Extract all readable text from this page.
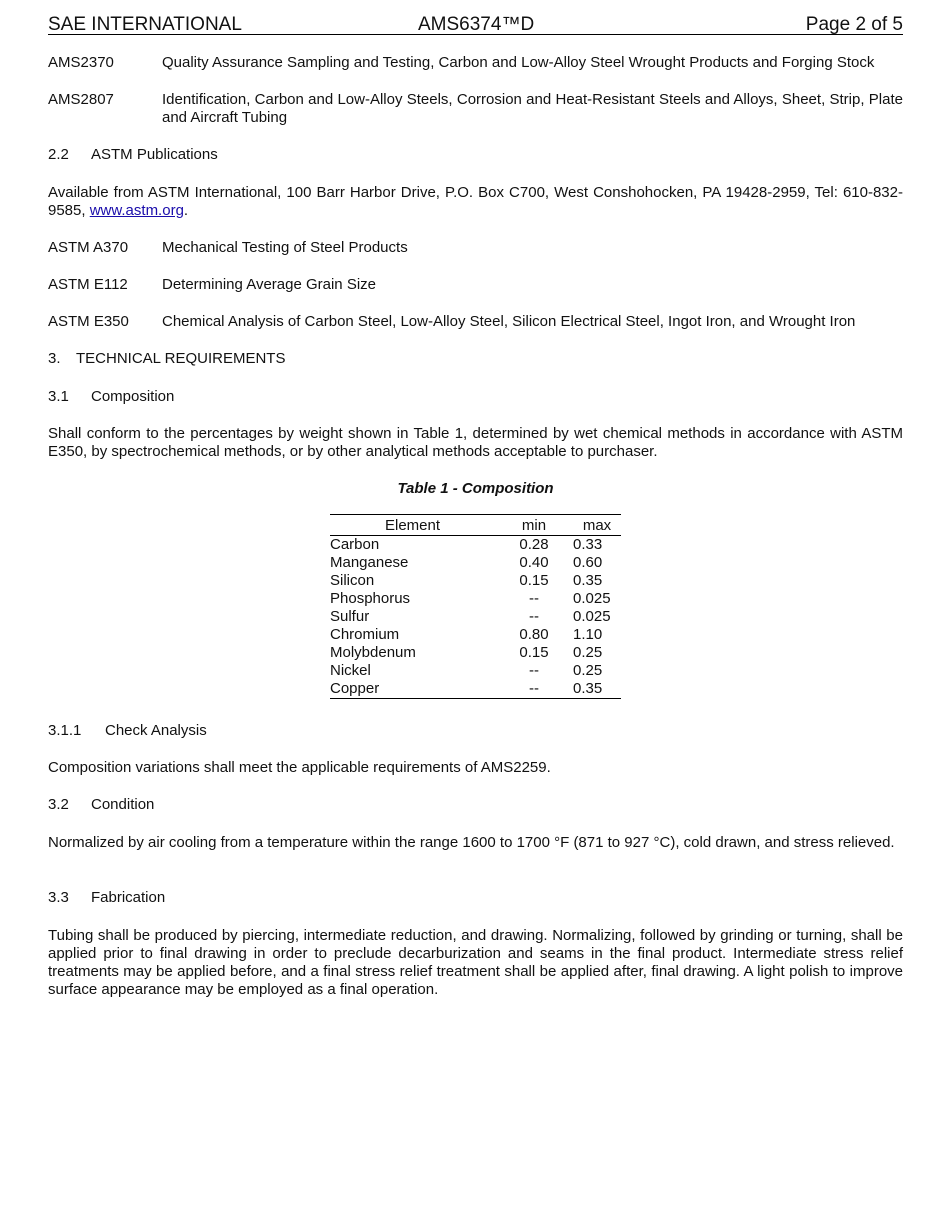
SAE INTERNATIONAL	AMS6374™D	Page 2 of 5
AMS2370	Quality Assurance Sampling and Testing, Carbon and Low-Alloy Steel Wrought Products and Forging Stock
AMS2807	Identification, Carbon and Low-Alloy Steels, Corrosion and Heat-Resistant Steels and Alloys, Sheet, Strip, Plate and Aircraft Tubing
2.2 ASTM Publications
Available from ASTM International, 100 Barr Harbor Drive, P.O. Box C700, West Conshohocken, PA 19428-2959, Tel: 610-832-9585, www.astm.org.
ASTM A370 Mechanical Testing of Steel Products
ASTM E112 Determining Average Grain Size
ASTM E350 Chemical Analysis of Carbon Steel, Low-Alloy Steel, Silicon Electrical Steel, Ingot Iron, and Wrought Iron
3. TECHNICAL REQUIREMENTS
3.1 Composition
Shall conform to the percentages by weight shown in Table 1, determined by wet chemical methods in accordance with ASTM E350, by spectrochemical methods, or by other analytical methods acceptable to purchaser.
Table 1 - Composition
Element	min	max
Carbon	0.28	0.33
Manganese	0.40	0.60
Silicon	0.15	0.35
Phosphorus	--	0.025
Sulfur	--	0.025
Chromium	0.80	1.10
Molybdenum	0.15	0.25
Nickel	--	0.25
Copper	--	0.35
3.1.1 Check Analysis
Composition variations shall meet the applicable requirements of AMS2259.
3.2 Condition
Normalized by air cooling from a temperature within the range 1600 to 1700 °F (871 to 927 °C), cold drawn, and stress relieved.
3.3 Fabrication
Tubing shall be produced by piercing, intermediate reduction, and drawing. Normalizing, followed by grinding or turning, shall be applied prior to final drawing in order to preclude decarburization and seams in the final product. Intermediate stress relief treatments may be applied before, and a final stress relief treatment shall be applied after, final drawing. A light polish to improve surface appearance may be employed as a final operation.
